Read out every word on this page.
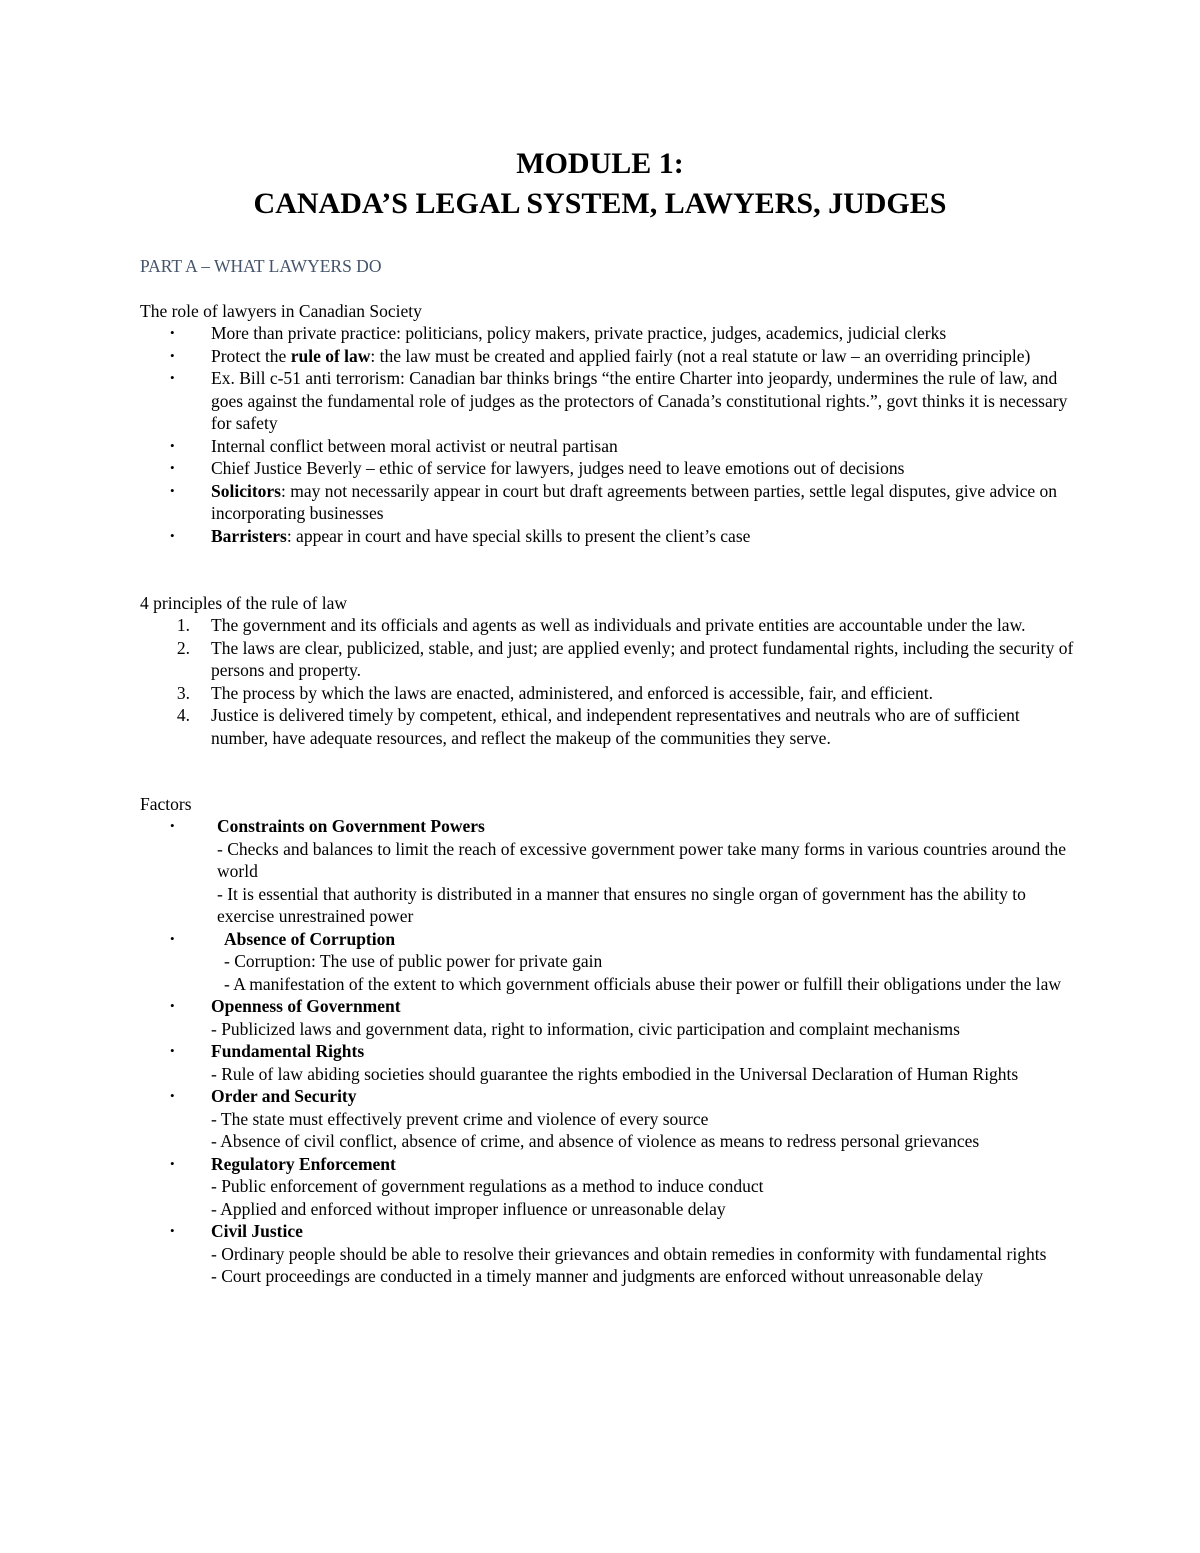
MODULE 1:
CANADA’S LEGAL SYSTEM, LAWYERS, JUDGES
PART A – WHAT LAWYERS DO
The role of lawyers in Canadian Society
•	More than private practice: politicians, policy makers, private practice, judges, academics, judicial clerks
•	Protect the rule of law: the law must be created and applied fairly (not a real statute or law – an overriding principle)
•	Ex. Bill c-51 anti terrorism: Canadian bar thinks brings “the entire Charter into jeopardy, undermines the rule of law, and goes against the fundamental role of judges as the protectors of Canada’s constitutional rights.”, govt thinks it is necessary for safety
•	Internal conflict between moral activist or neutral partisan
•	Chief Justice Beverly – ethic of service for lawyers, judges need to leave emotions out of decisions
•	Solicitors: may not necessarily appear in court but draft agreements between parties, settle legal disputes, give advice on incorporating businesses
•	Barristers: appear in court and have special skills to present the client’s case
4 principles of the rule of law
1. The government and its officials and agents as well as individuals and private entities are accountable under the law.
2. The laws are clear, publicized, stable, and just; are applied evenly; and protect fundamental rights, including the security of persons and property.
3. The process by which the laws are enacted, administered, and enforced is accessible, fair, and efficient.
4. Justice is delivered timely by competent, ethical, and independent representatives and neutrals who are of sufficient number, have adequate resources, and reflect the makeup of the communities they serve.
Factors
•	Constraints on Government Powers
- Checks and balances to limit the reach of excessive government power take many forms in various countries around the world
- It is essential that authority is distributed in a manner that ensures no single organ of government has the ability to exercise unrestrained power
•	Absence of Corruption
- Corruption: The use of public power for private gain
- A manifestation of the extent to which government officials abuse their power or fulfill their obligations under the law
•	Openness of Government
- Publicized laws and government data, right to information, civic participation and complaint mechanisms
•	Fundamental Rights
- Rule of law abiding societies should guarantee the rights embodied in the Universal Declaration of Human Rights
•	Order and Security
- The state must effectively prevent crime and violence of every source
- Absence of civil conflict, absence of crime, and absence of violence as means to redress personal grievances
•	Regulatory Enforcement
- Public enforcement of government regulations as a method to induce conduct
- Applied and enforced without improper influence or unreasonable delay
•	Civil Justice
- Ordinary people should be able to resolve their grievances and obtain remedies in conformity with fundamental rights
- Court proceedings are conducted in a timely manner and judgments are enforced without unreasonable delay
